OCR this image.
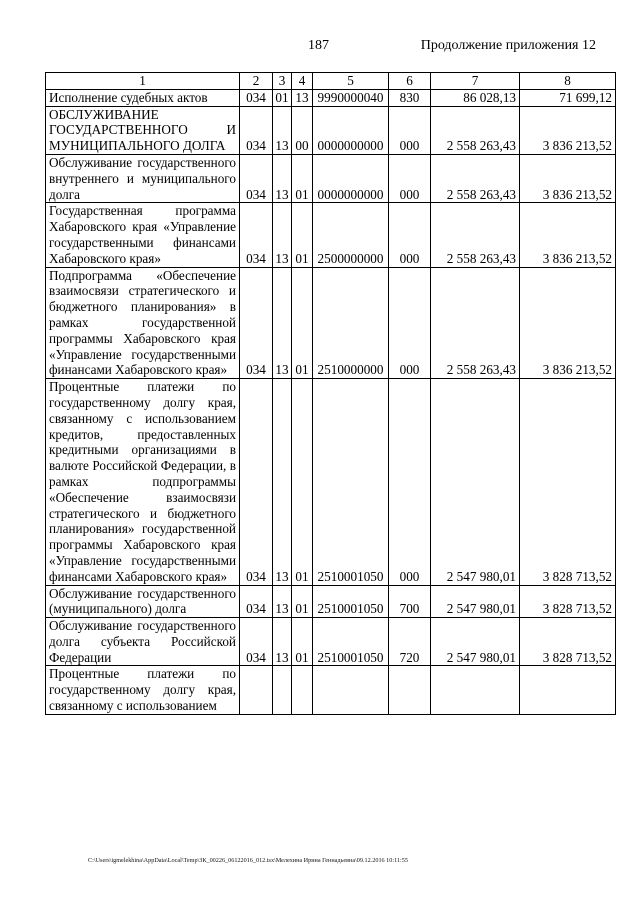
187	Продолжение приложения 12
1	2	3	4	5	6	7	8
Исполнение судебных актов	034	01	13	9990000040	830	86 028,13	71 699,12
ОБСЛУЖИВАНИЕ ГОСУДАРСТВЕННОГО И МУНИЦИПАЛЬНОГО ДОЛГА	034	13	00	0000000000	000	2 558 263,43	3 836 213,52
Обслуживание государственного внутреннего и муниципального долга	034	13	01	0000000000	000	2 558 263,43	3 836 213,52
Государственная программа Хабаровского края «Управление государственными финансами Хабаровского края»	034	13	01	2500000000	000	2 558 263,43	3 836 213,52
Подпрограмма «Обеспечение взаимосвязи стратегического и бюджетного планирования» в рамках государственной программы Хабаровского края «Управление государственными финансами Хабаровского края»	034	13	01	2510000000	000	2 558 263,43	3 836 213,52
Процентные платежи по государственному долгу края, связанному с использованием кредитов, предоставленных кредитными организациями в валюте Российской Федерации, в рамках подпрограммы «Обеспечение взаимосвязи стратегического и бюджетного планирования» государственной программы Хабаровского края «Управление государственными финансами Хабаровского края»	034	13	01	2510001050	000	2 547 980,01	3 828 713,52
Обслуживание государственного (муниципального) долга	034	13	01	2510001050	700	2 547 980,01	3 828 713,52
Обслуживание государственного долга субъекта Российской Федерации	034	13	01	2510001050	720	2 547 980,01	3 828 713,52
Процентные платежи по государственному долгу края, связанному с использованием							
C:\Users\igmelekhina\AppData\Local\Temp\ЗК_00226_06122016_012.tsx\Мелехина Ирина Геннадьевна\09.12.2016 10:11:55
